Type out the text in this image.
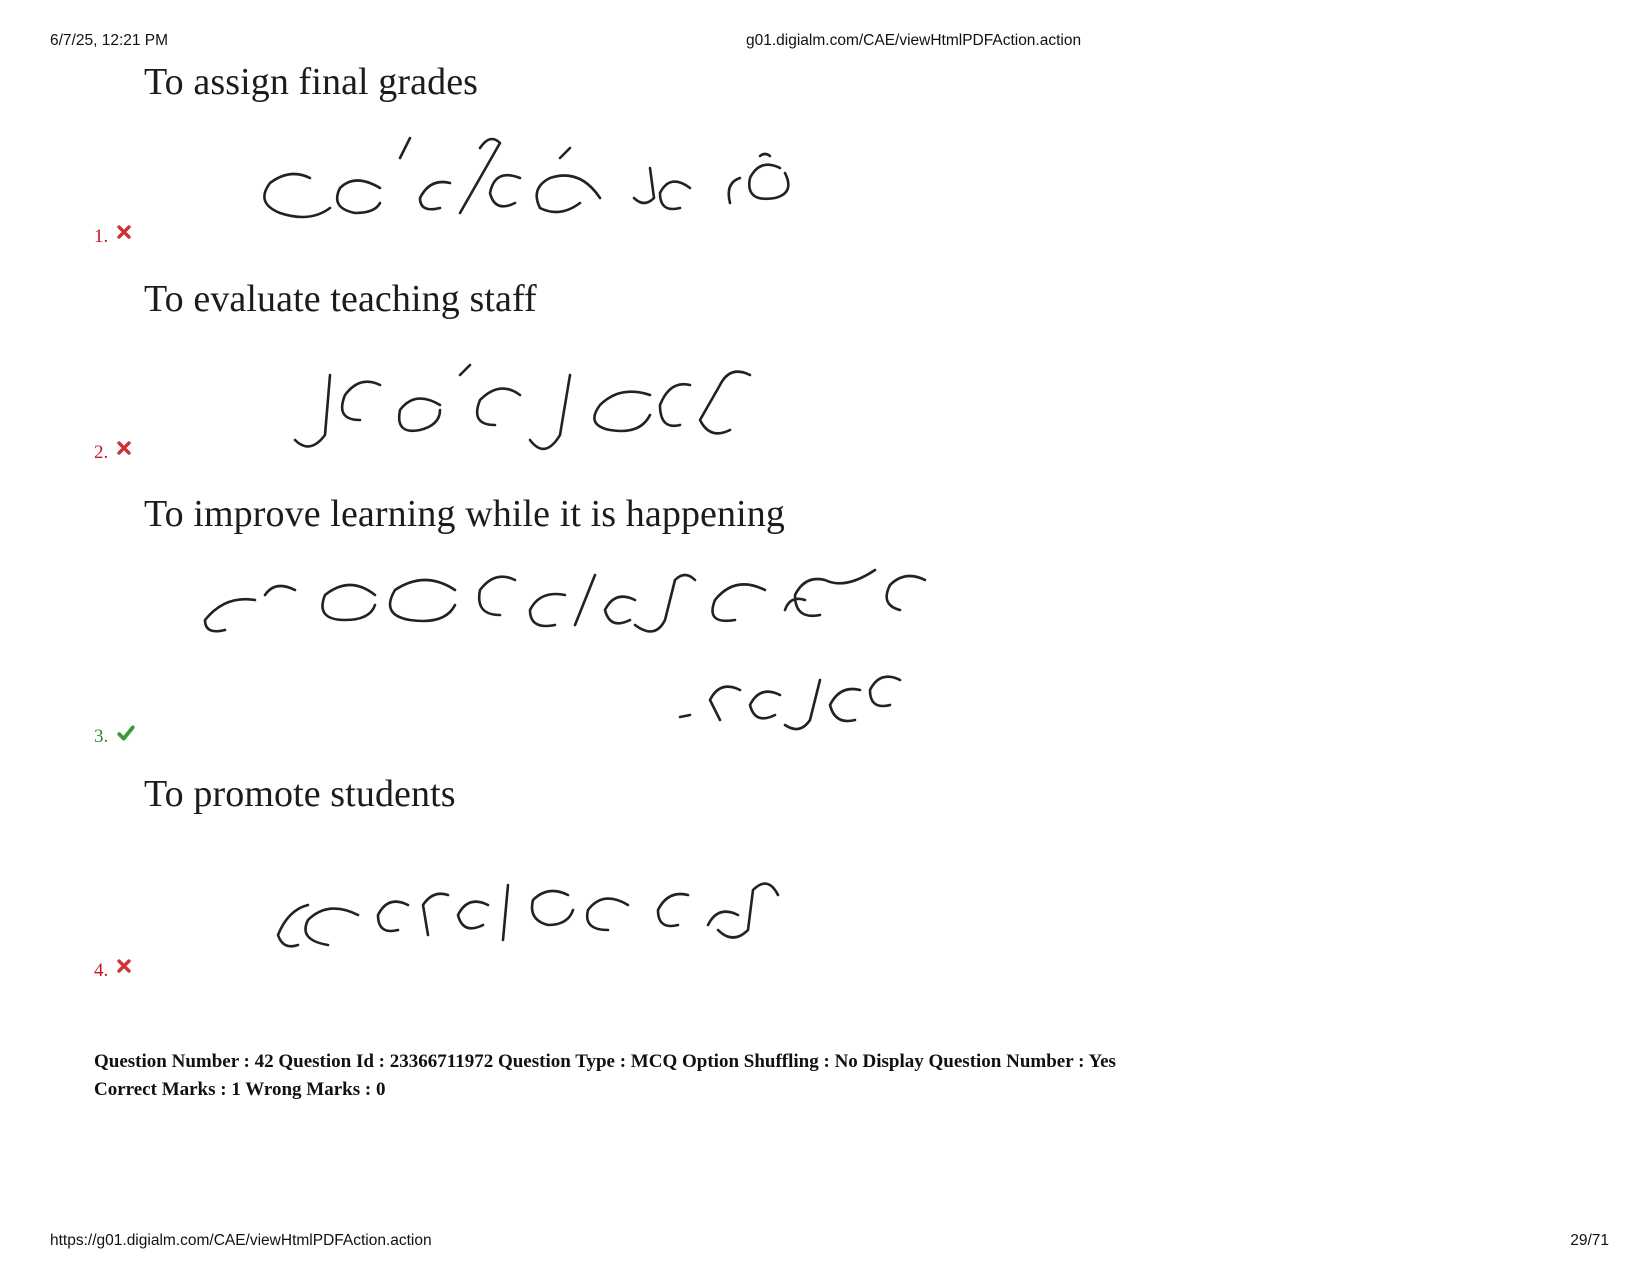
6/7/25, 12:21 PM	g01.digialm.com/CAE/viewHtmlPDFAction.action
To assign final grades
1.
To evaluate teaching staff
2.
To improve learning while it is happening
3.
To promote students
4.
Question Number : 42 Question Id : 23366711972 Question Type : MCQ Option Shuffling : No Display Question Number : Yes
Correct Marks : 1 Wrong Marks : 0
https://g01.digialm.com/CAE/viewHtmlPDFAction.action	29/71
